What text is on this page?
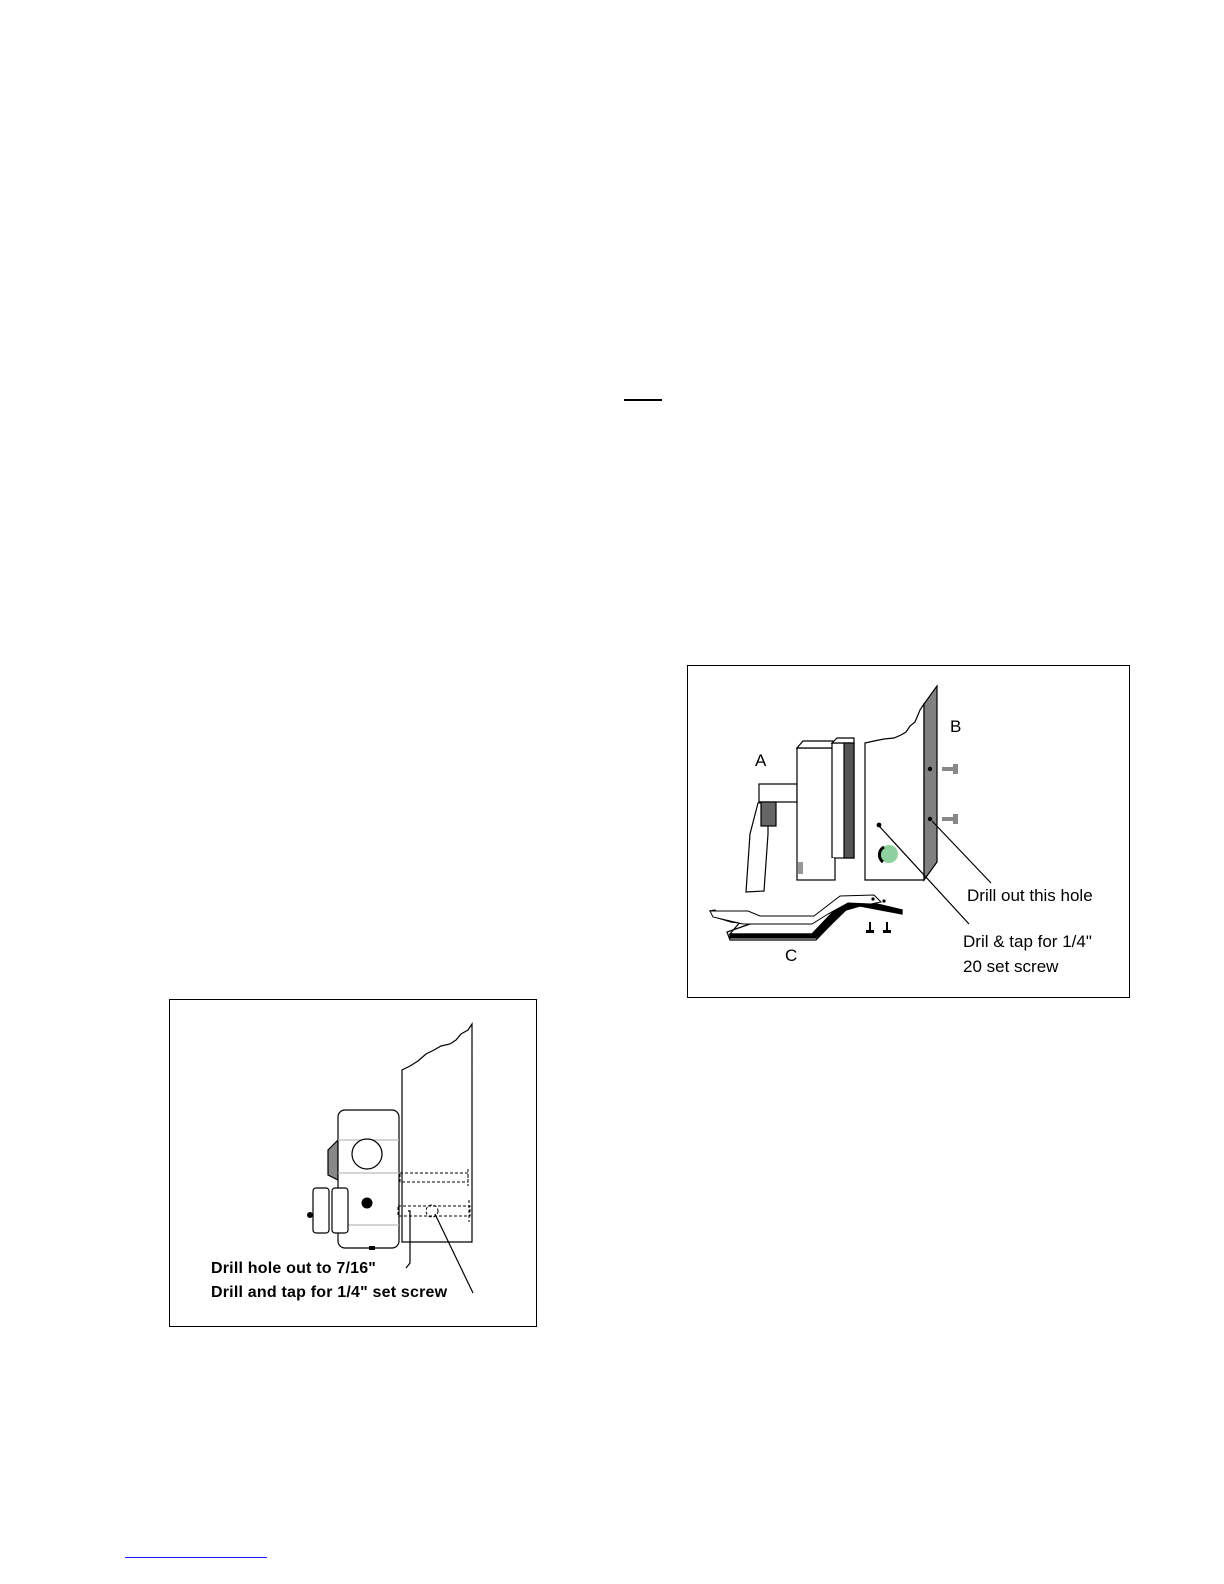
A
B
C
Drill out this hole
Dril & tap for 1/4"
20 set screw
Drill hole out to 7/16"
Drill and tap for 1/4" set screw
